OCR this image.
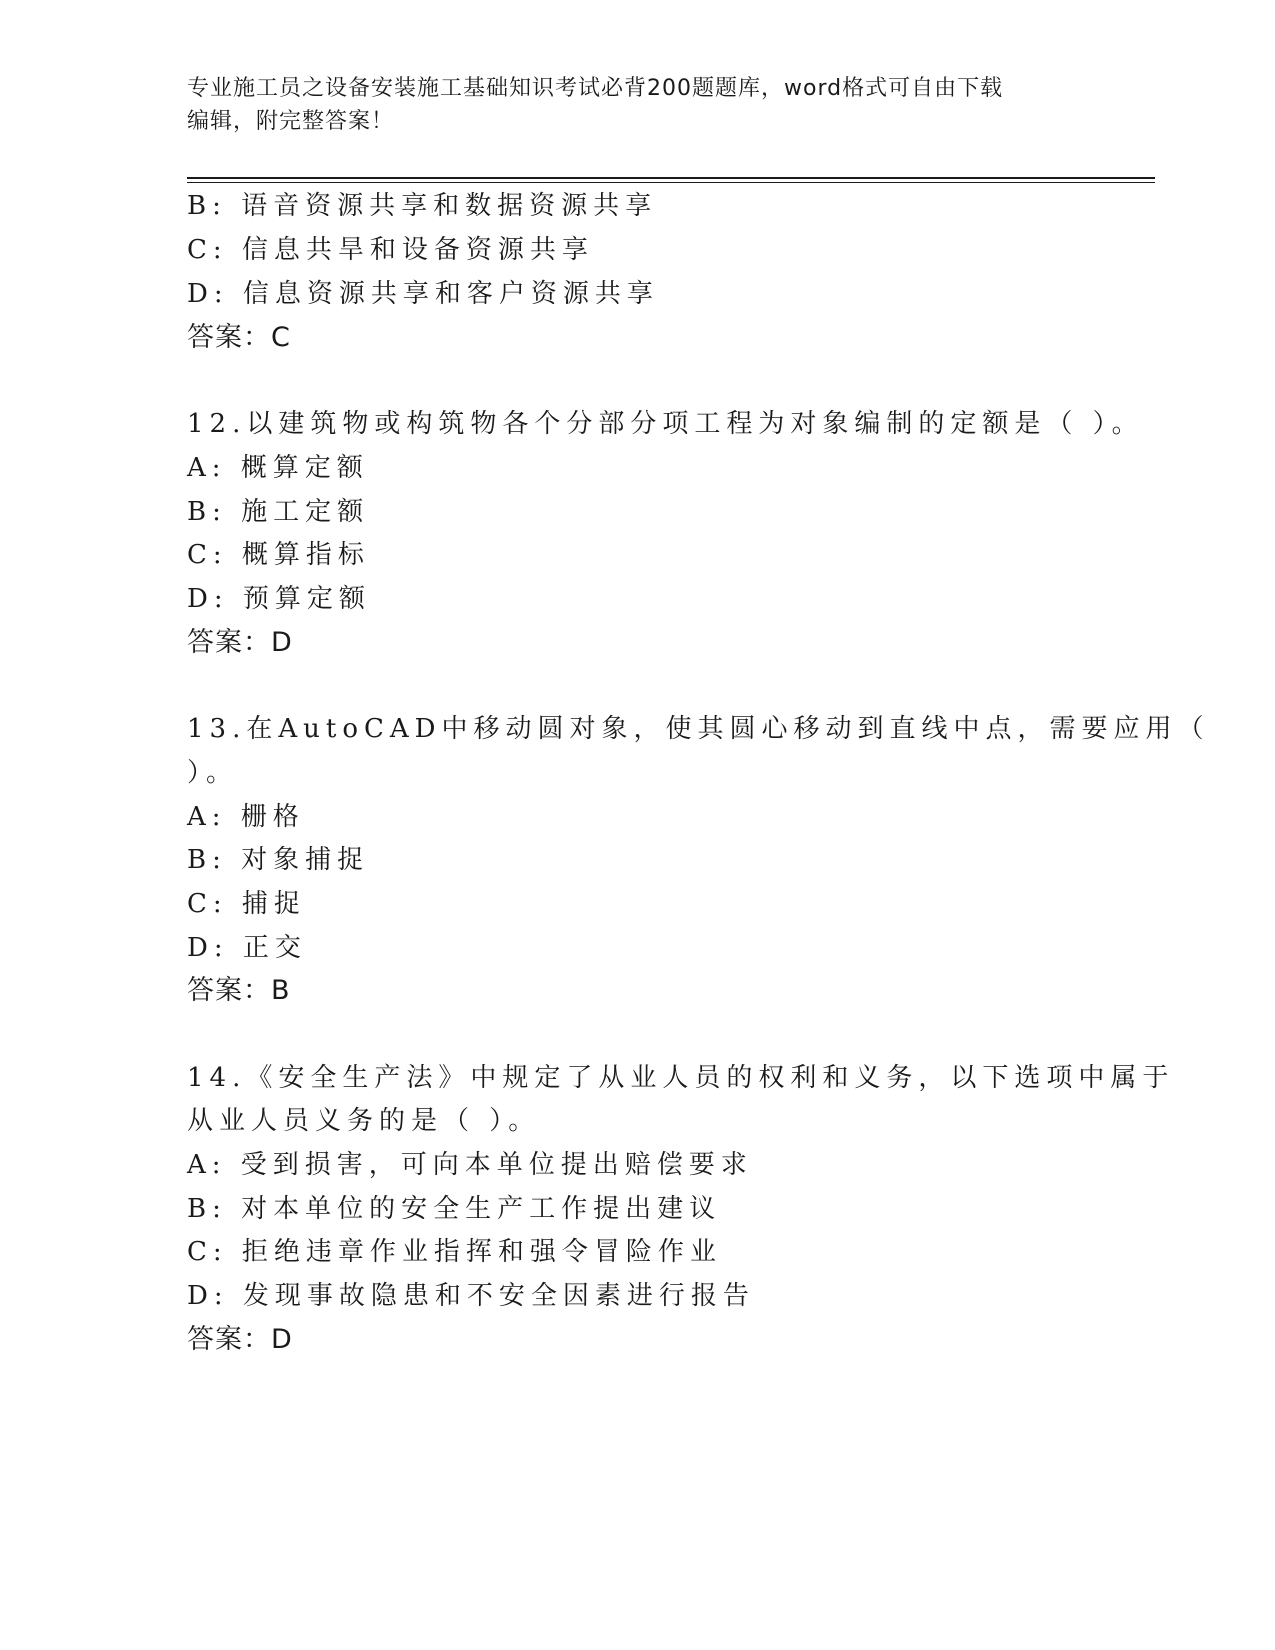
专业施工员之设备安装施工基础知识考试必背200题题库，word格式可自由下载
编辑，附完整答案！
B: 语音资源共享和数据资源共享
C: 信息共旱和设备资源共享
D: 信息资源共享和客户资源共享
答案：C
12.以建筑物或构筑物各个分部分项工程为对象编制的定额是（ ）。
A: 概算定额
B: 施工定额
C: 概算指标
D: 预算定额
答案：D
13.在AutoCAD中移动圆对象，使其圆心移动到直线中点，需要应用（
）。
A: 栅格
B: 对象捕捉
C: 捕捉
D: 正交
答案：B
14.《安全生产法》中规定了从业人员的权利和义务，以下选项中属于
从业人员义务的是（ ）。
A: 受到损害，可向本单位提出赔偿要求
B: 对本单位的安全生产工作提出建议
C: 拒绝违章作业指挥和强令冒险作业
D: 发现事故隐患和不安全因素进行报告
答案：D
